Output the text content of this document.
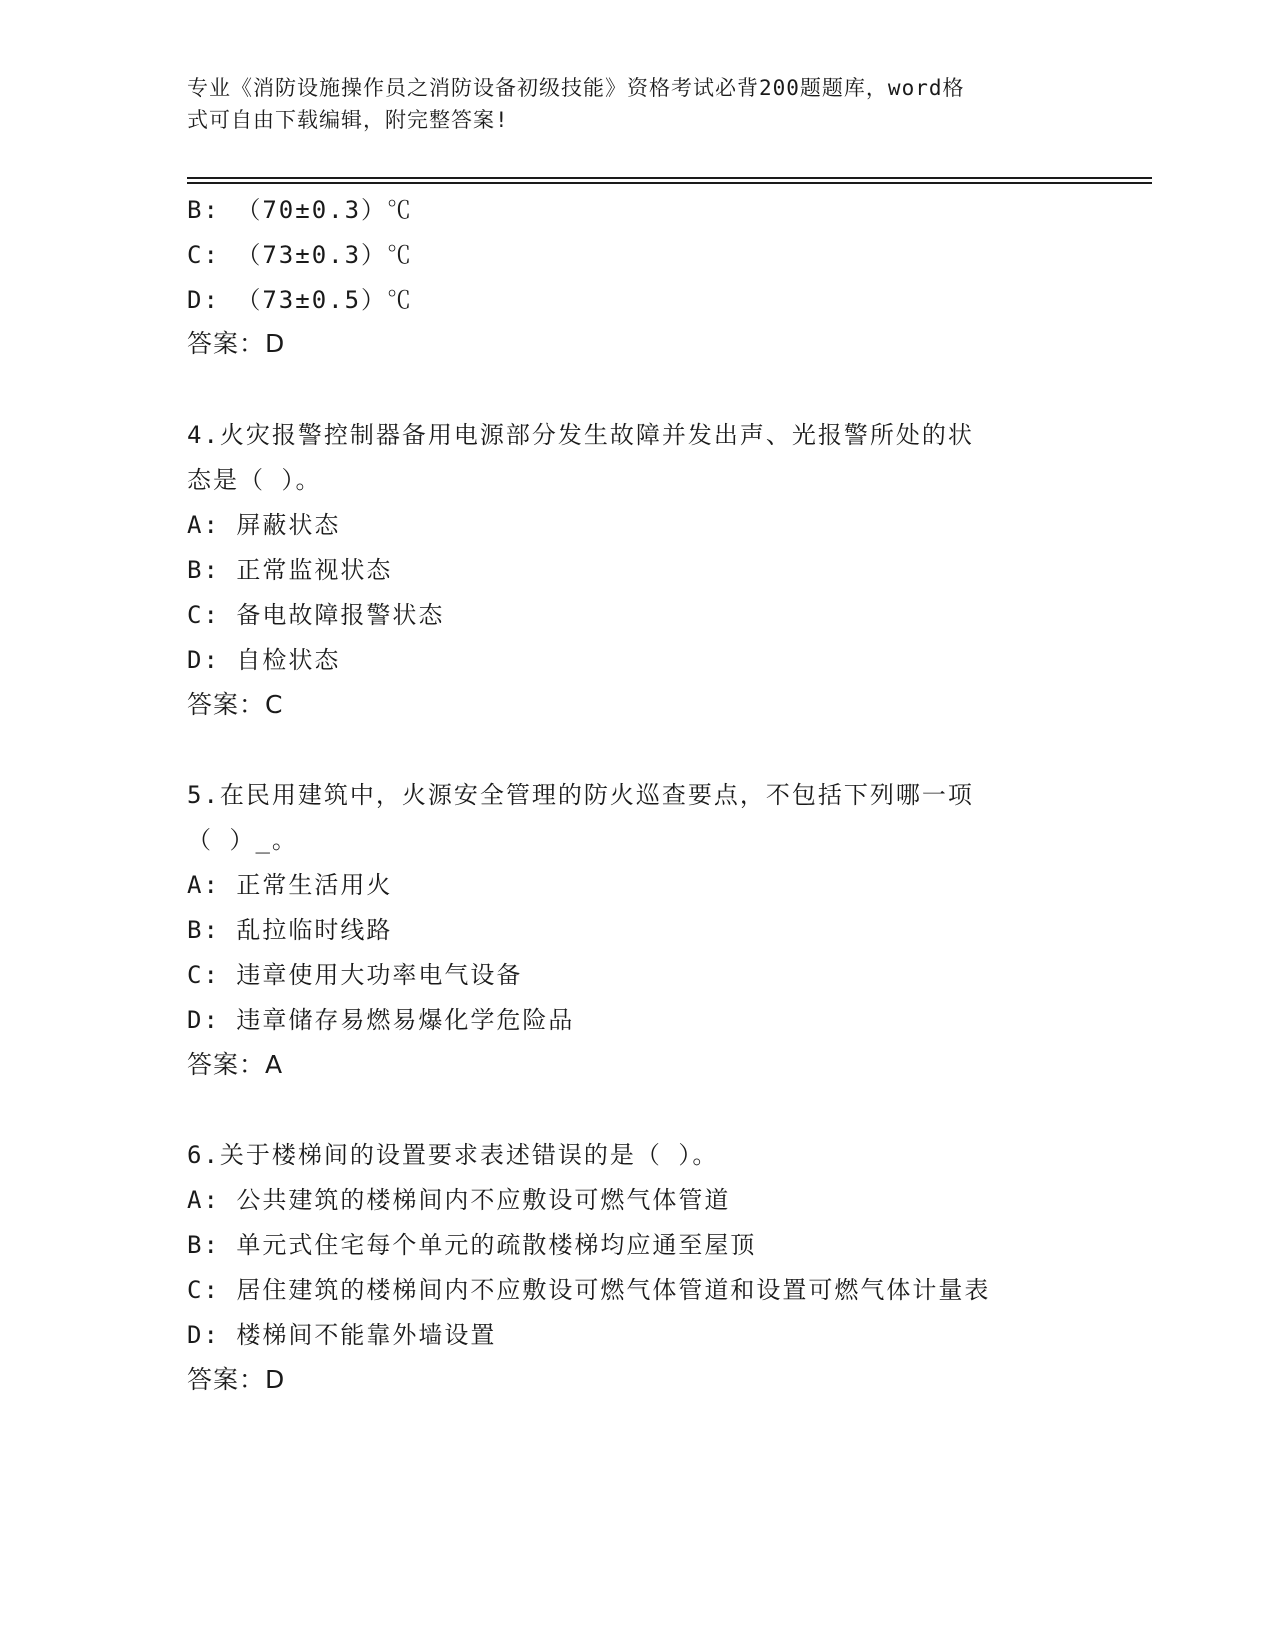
专业《消防设施操作员之消防设备初级技能》资格考试必背200题题库，word格
式可自由下载编辑，附完整答案!
B: （70±0.3）℃
C: （73±0.3）℃
D: （73±0.5）℃
答案：D
4.火灾报警控制器备用电源部分发生故障并发出声、光报警所处的状
态是（ ）。
A: 屏蔽状态
B: 正常监视状态
C: 备电故障报警状态
D: 自检状态
答案：C
5.在民用建筑中，火源安全管理的防火巡查要点，不包括下列哪一项
（ ）_。
A: 正常生活用火
B: 乱拉临时线路
C: 违章使用大功率电气设备
D: 违章储存易燃易爆化学危险品
答案：A
6.关于楼梯间的设置要求表述错误的是（ ）。
A: 公共建筑的楼梯间内不应敷设可燃气体管道
B: 单元式住宅每个单元的疏散楼梯均应通至屋顶
C: 居住建筑的楼梯间内不应敷设可燃气体管道和设置可燃气体计量表
D: 楼梯间不能靠外墙设置
答案：D
